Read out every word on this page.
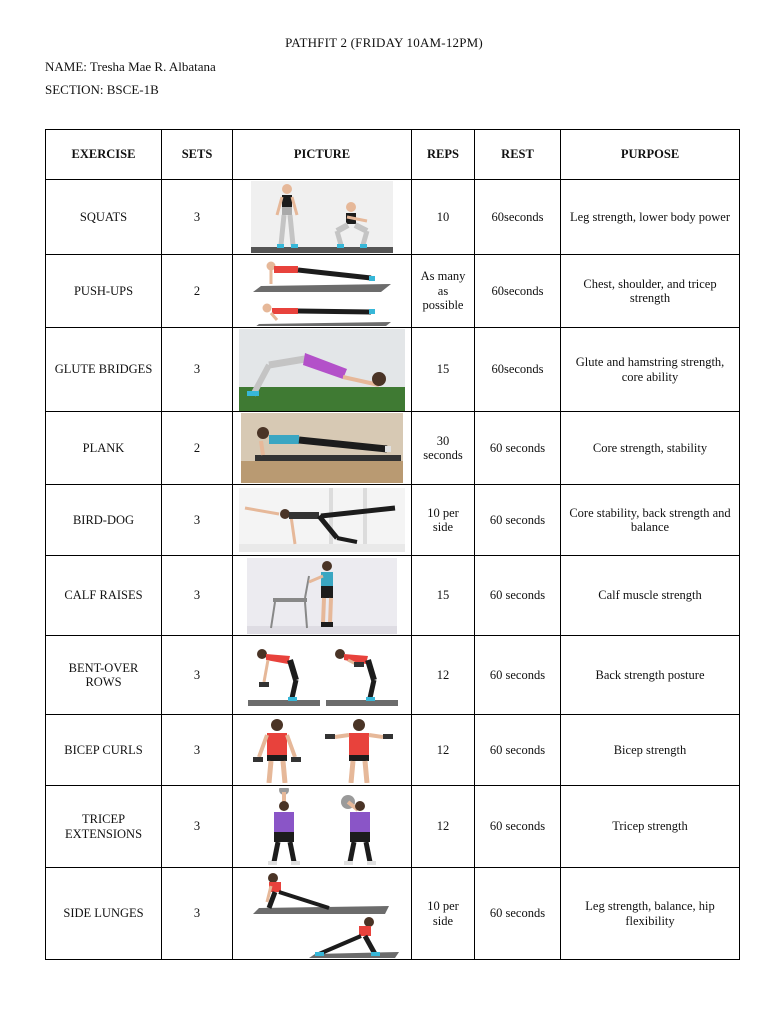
PATHFIT 2 (FRIDAY 10AM-12PM)
NAME: Tresha Mae R. Albatana
SECTION: BSCE-1B
EXERCISE	SETS	PICTURE	REPS	REST	PURPOSE
SQUATS	3		10	60seconds	Leg strength, lower body power
PUSH-UPS	2		As many as possible	60seconds	Chest, shoulder, and tricep strength
GLUTE BRIDGES	3		15	60seconds	Glute and hamstring strength, core ability
PLANK	2		30 seconds	60 seconds	Core strength, stability
BIRD-DOG	3		10 per side	60 seconds	Core stability, back strength and balance
CALF RAISES	3		15	60 seconds	Calf muscle strength
BENT-OVER ROWS	3		12	60 seconds	Back strength posture
BICEP CURLS	3		12	60 seconds	Bicep strength
TRICEP EXTENSIONS	3		12	60 seconds	Tricep strength
SIDE LUNGES	3		10 per side	60 seconds	Leg strength, balance, hip flexibility
